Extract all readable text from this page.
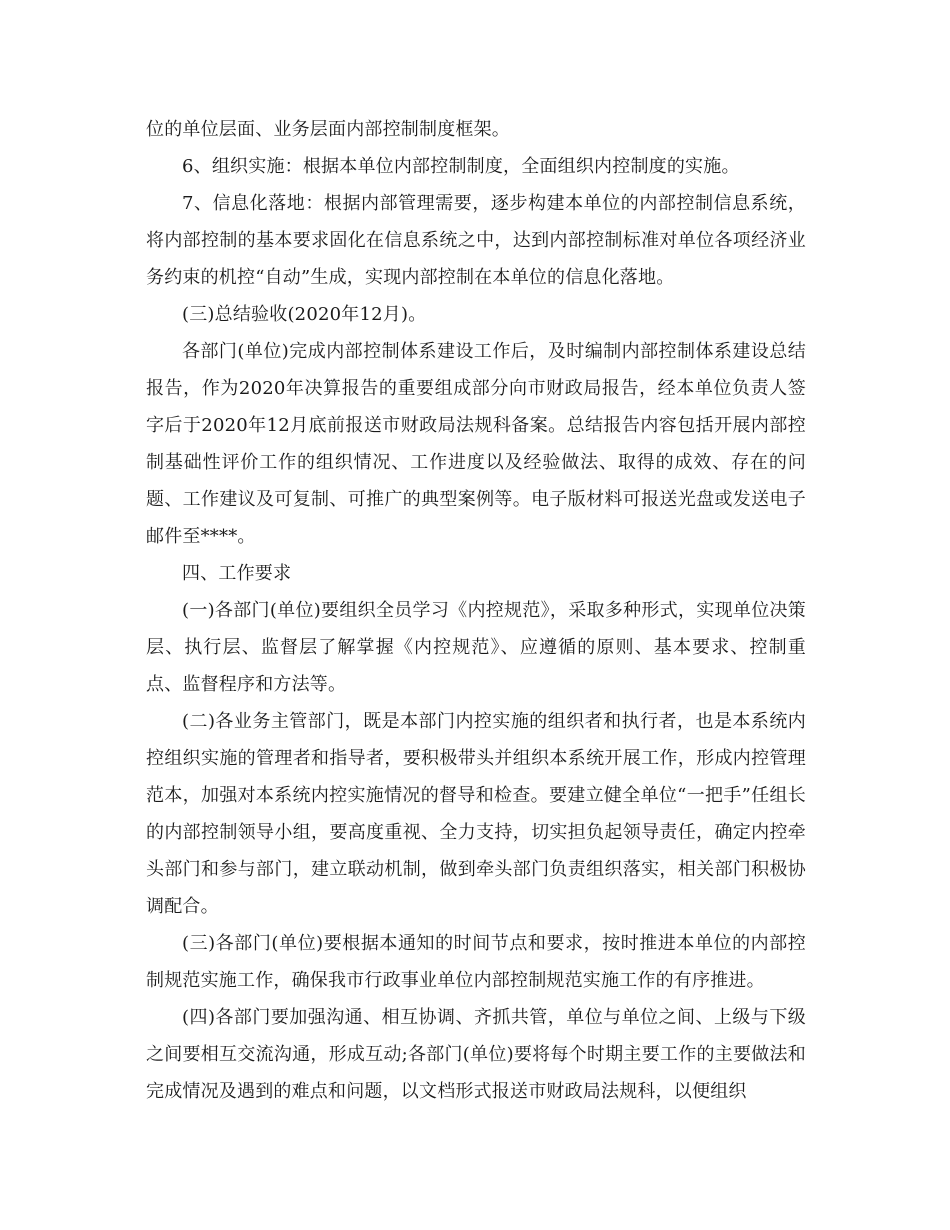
位的单位层面、业务层面内部控制制度框架。

6、组织实施：根据本单位内部控制制度，全面组织内控制度的实施。

7、信息化落地：根据内部管理需要，逐步构建本单位的内部控制信息系统，将内部控制的基本要求固化在信息系统之中，达到内部控制标准对单位各项经济业务约束的机控“自动”生成，实现内部控制在本单位的信息化落地。

(三)总结验收(2020年12月)。

各部门(单位)完成内部控制体系建设工作后，及时编制内部控制体系建设总结报告，作为2020年决算报告的重要组成部分向市财政局报告，经本单位负责人签字后于2020年12月底前报送市财政局法规科备案。总结报告内容包括开展内部控制基础性评价工作的组织情况、工作进度以及经验做法、取得的成效、存在的问题、工作建议及可复制、可推广的典型案例等。电子版材料可报送光盘或发送电子邮件至****。

四、工作要求

(一)各部门(单位)要组织全员学习《内控规范》，采取多种形式，实现单位决策层、执行层、监督层了解掌握《内控规范》、应遵循的原则、基本要求、控制重点、监督程序和方法等。

(二)各业务主管部门，既是本部门内控实施的组织者和执行者，也是本系统内控组织实施的管理者和指导者，要积极带头并组织本系统开展工作，形成内控管理范本，加强对本系统内控实施情况的督导和检查。要建立健全单位“一把手”任组长的内部控制领导小组，要高度重视、全力支持，切实担负起领导责任，确定内控牵头部门和参与部门，建立联动机制，做到牵头部门负责组织落实，相关部门积极协调配合。

(三)各部门(单位)要根据本通知的时间节点和要求，按时推进本单位的内部控制规范实施工作，确保我市行政事业单位内部控制规范实施工作的有序推进。

(四)各部门要加强沟通、相互协调、齐抓共管，单位与单位之间、上级与下级之间要相互交流沟通，形成互动;各部门(单位)要将每个时期主要工作的主要做法和完成情况及遇到的难点和问题，以文档形式报送市财政局法规科，以便组织
